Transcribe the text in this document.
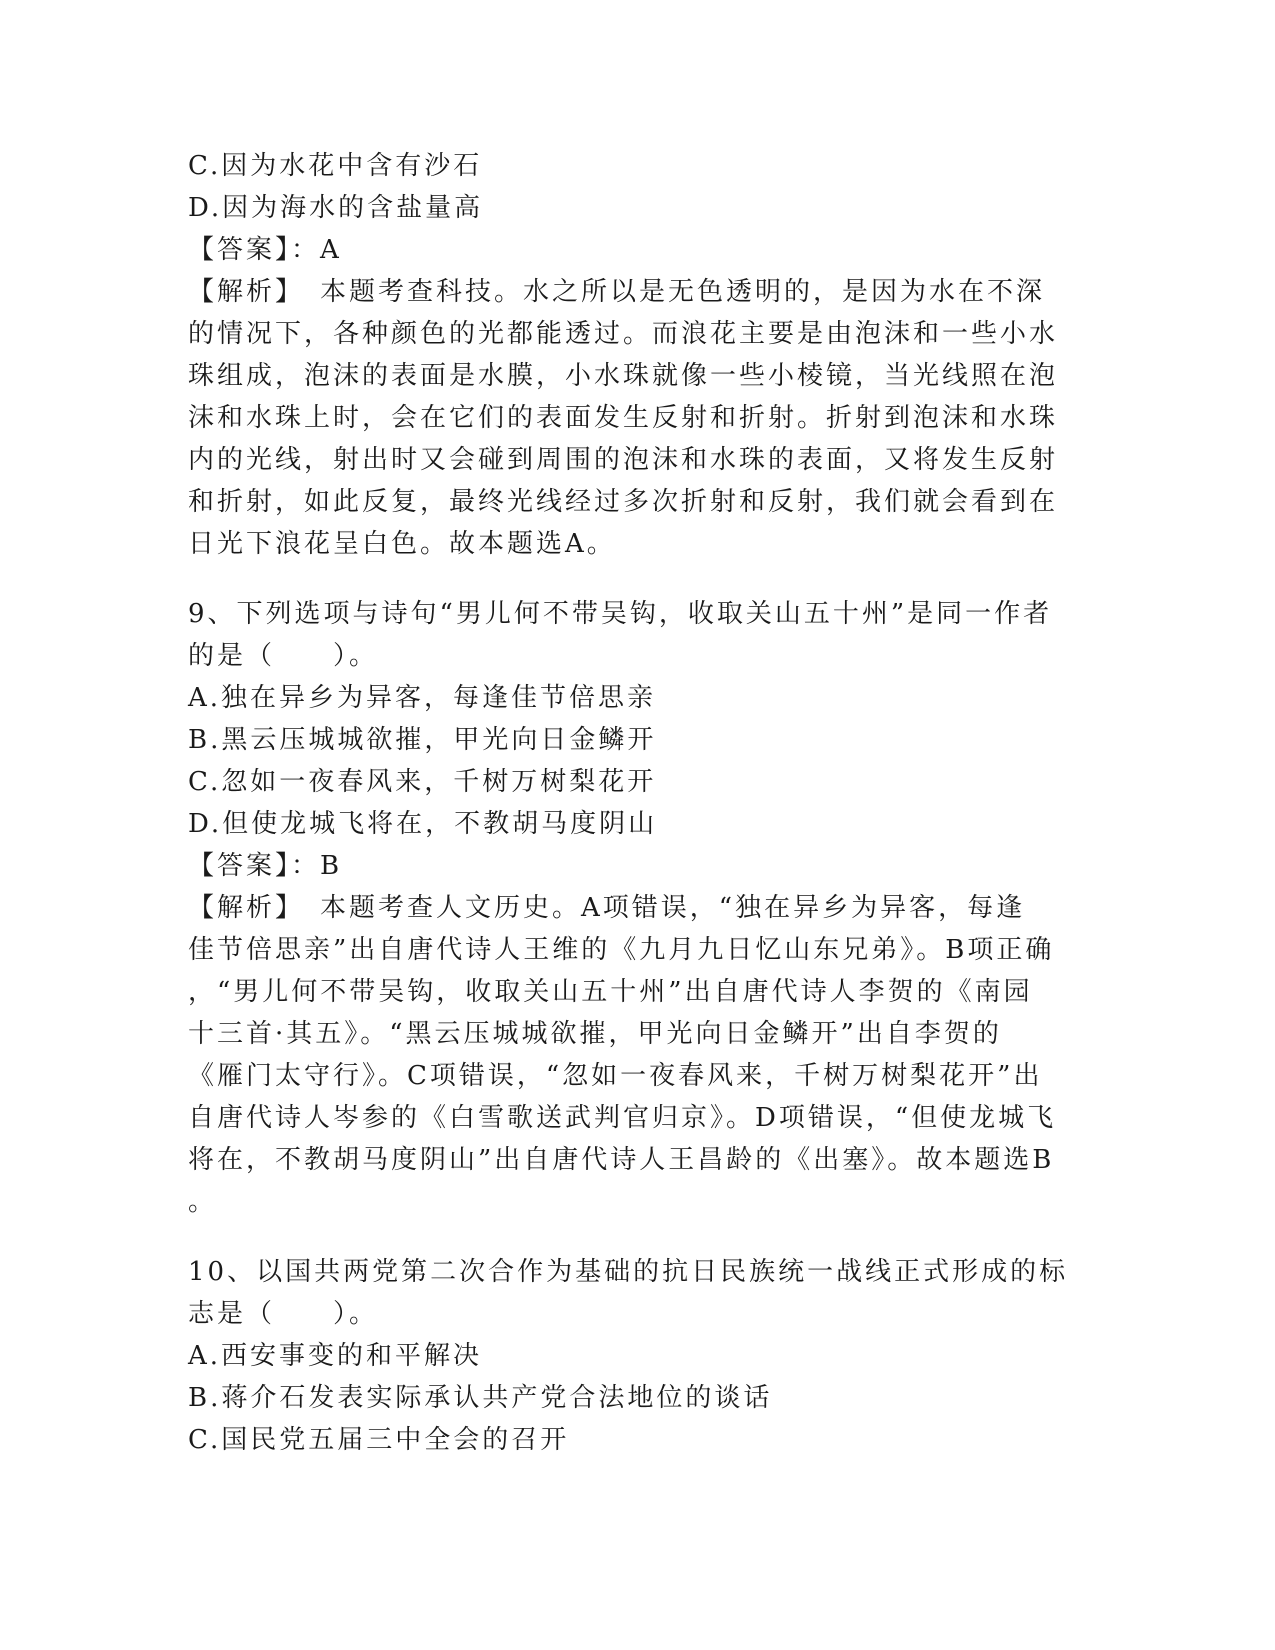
C.因为水花中含有沙石
D.因为海水的含盐量高
【答案】：A
【解析】　本题考查科技。水之所以是无色透明的，是因为水在不深
的情况下，各种颜色的光都能透过。而浪花主要是由泡沫和一些小水
珠组成，泡沫的表面是水膜，小水珠就像一些小棱镜，当光线照在泡
沫和水珠上时，会在它们的表面发生反射和折射。折射到泡沫和水珠
内的光线，射出时又会碰到周围的泡沫和水珠的表面，又将发生反射
和折射，如此反复，最终光线经过多次折射和反射，我们就会看到在
日光下浪花呈白色。故本题选A。
9、下列选项与诗句“男儿何不带吴钩，收取关山五十州”是同一作者
的是（　　）。
A.独在异乡为异客，每逢佳节倍思亲
B.黑云压城城欲摧，甲光向日金鳞开
C.忽如一夜春风来，千树万树梨花开
D.但使龙城飞将在，不教胡马度阴山
【答案】：B
【解析】　本题考查人文历史。A项错误，“独在异乡为异客，每逢
佳节倍思亲”出自唐代诗人王维的《九月九日忆山东兄弟》。B项正确
，“男儿何不带吴钩，收取关山五十州”出自唐代诗人李贺的《南园
十三首·其五》。“黑云压城城欲摧，甲光向日金鳞开”出自李贺的
《雁门太守行》。C项错误，“忽如一夜春风来，千树万树梨花开”出
自唐代诗人岑参的《白雪歌送武判官归京》。D项错误，“但使龙城飞
将在，不教胡马度阴山”出自唐代诗人王昌龄的《出塞》。故本题选B
。
10、以国共两党第二次合作为基础的抗日民族统一战线正式形成的标
志是（　　）。
A.西安事变的和平解决
B.蒋介石发表实际承认共产党合法地位的谈话
C.国民党五届三中全会的召开
